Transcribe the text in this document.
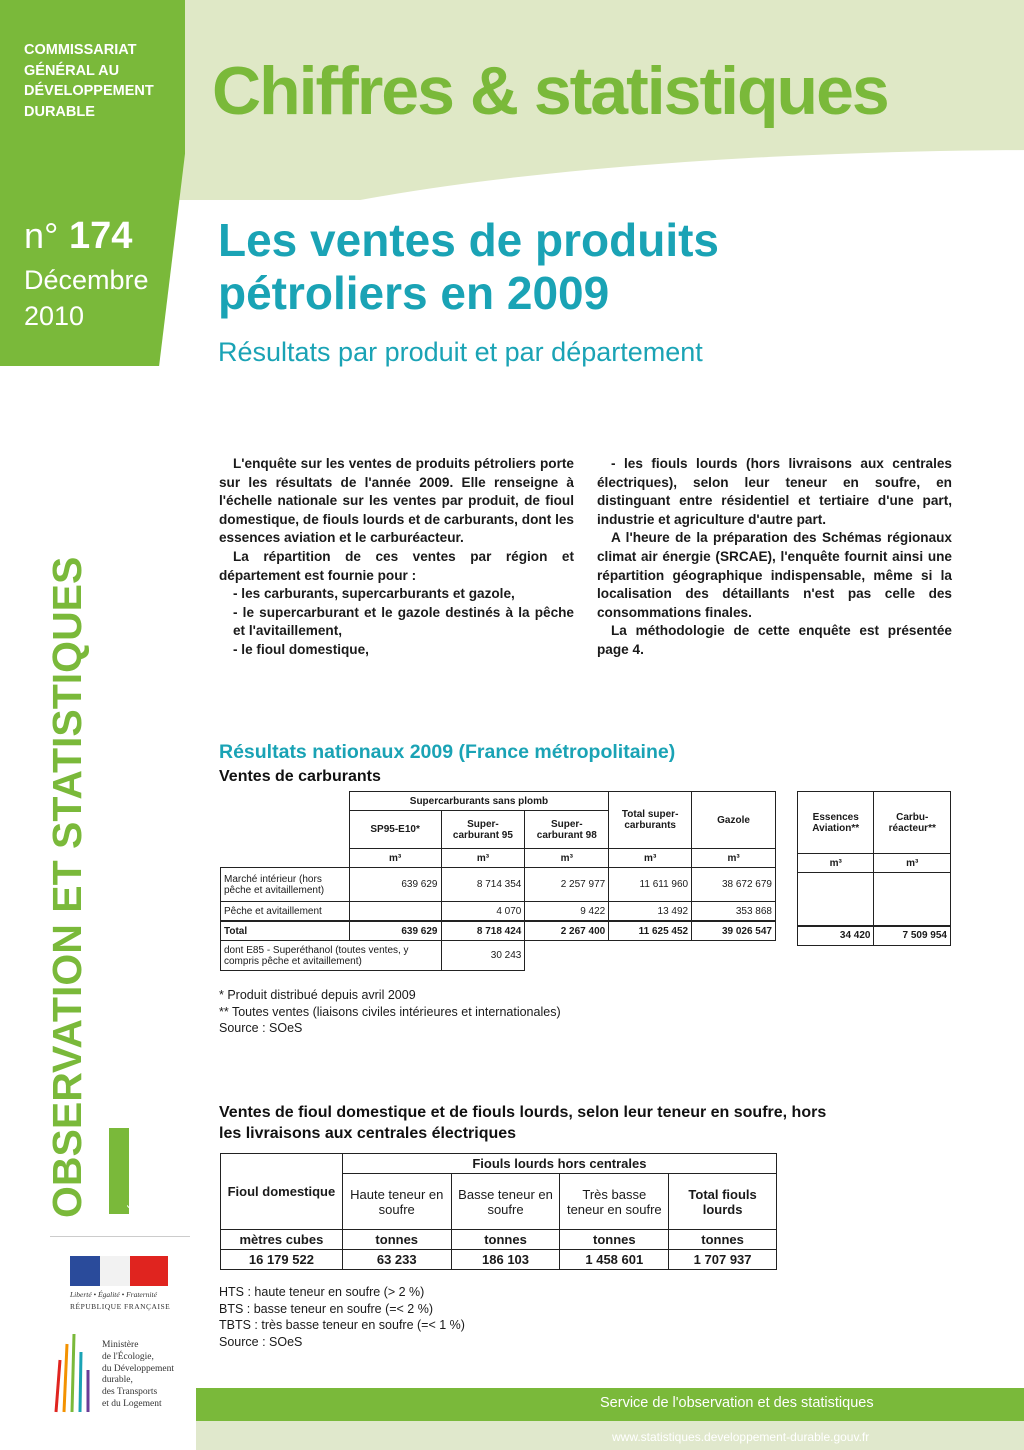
COMMISSARIAT
GÉNÉRAL AU
DÉVELOPPEMENT
DURABLE
n° 174
Décembre
2010
Chiffres & statistiques
Les ventes de produits
pétroliers en 2009
Résultats par produit et par département
OBSERVATION ET STATISTIQUES	ÉNERGIE

L'enquête sur les ventes de produits pétroliers porte sur les résultats de l'année 2009. Elle renseigne à l'échelle nationale sur les ventes par produit, de fioul domestique, de fiouls lourds et de carburants, dont les essences aviation et le carburéacteur.

La répartition de ces ventes par région et département est fournie pour :

- les carburants, supercarburants et gazole,

- le supercarburant et le gazole destinés à la pêche et l'avitaillement,

- le fioul domestique,

- les fiouls lourds (hors livraisons aux centrales électriques), selon leur teneur en soufre, en distinguant entre résidentiel et tertiaire d'une part, industrie et agriculture d'autre part.

A l'heure de la préparation des Schémas régionaux climat air énergie (SRCAE), l'enquête fournit ainsi une répartition géographique indispensable, même si la localisation des détaillants n'est pas celle des consommations finales.

La méthodologie de cette enquête est présentée page 4.

Résultats nationaux 2009 (France métropolitaine)
Ventes de carburants
	Supercarburants sans plomb			Total super-carburants	Gazole
	SP95-E10*	Super-carburant 95	Super-carburant 98		
	m³	m³	m³	m³	m³
Marché intérieur (hors pêche et avitaillement)	639 629	8 714 354	2 257 977	11 611 960	38 672 679
Pêche et avitaillement		4 070	9 422	13 492	353 868
Total	639 629	8 718 424	2 267 400	11 625 452	39 026 547
dont E85 - Superéthanol (toutes ventes, y compris pêche et avitaillement)		30 243			
Essences Aviation**	Carbu-réacteur**
m³	m³

34 420	7 509 954
* Produit distribué depuis avril 2009
** Toutes ventes (liaisons civiles intérieures et internationales)
Source : SOeS
Ventes de fioul domestique et de fiouls lourds, selon leur teneur en soufre, hors
les livraisons aux centrales électriques
Fioul domestique	Fiouls lourds hors centrales			
	Haute teneur en soufre	Basse teneur en soufre	Très basse teneur en soufre	Total fiouls lourds
mètres cubes	tonnes	tonnes	tonnes	tonnes
16 179 522	63 233	186 103	1 458 601	1 707 937
HTS : haute teneur en soufre (> 2 %)
BTS : basse teneur en soufre (=< 2 %)
TBTS : très basse teneur en soufre (=< 1 %)
Source : SOeS
Liberté • Égalité • Fraternité
RÉPUBLIQUE FRANÇAISE
Ministère
de l'Écologie,
du Développement
durable,
des Transports
et du Logement	Service de l'observation et des statistiques
www.statistiques.developpement-durable.gouv.fr
